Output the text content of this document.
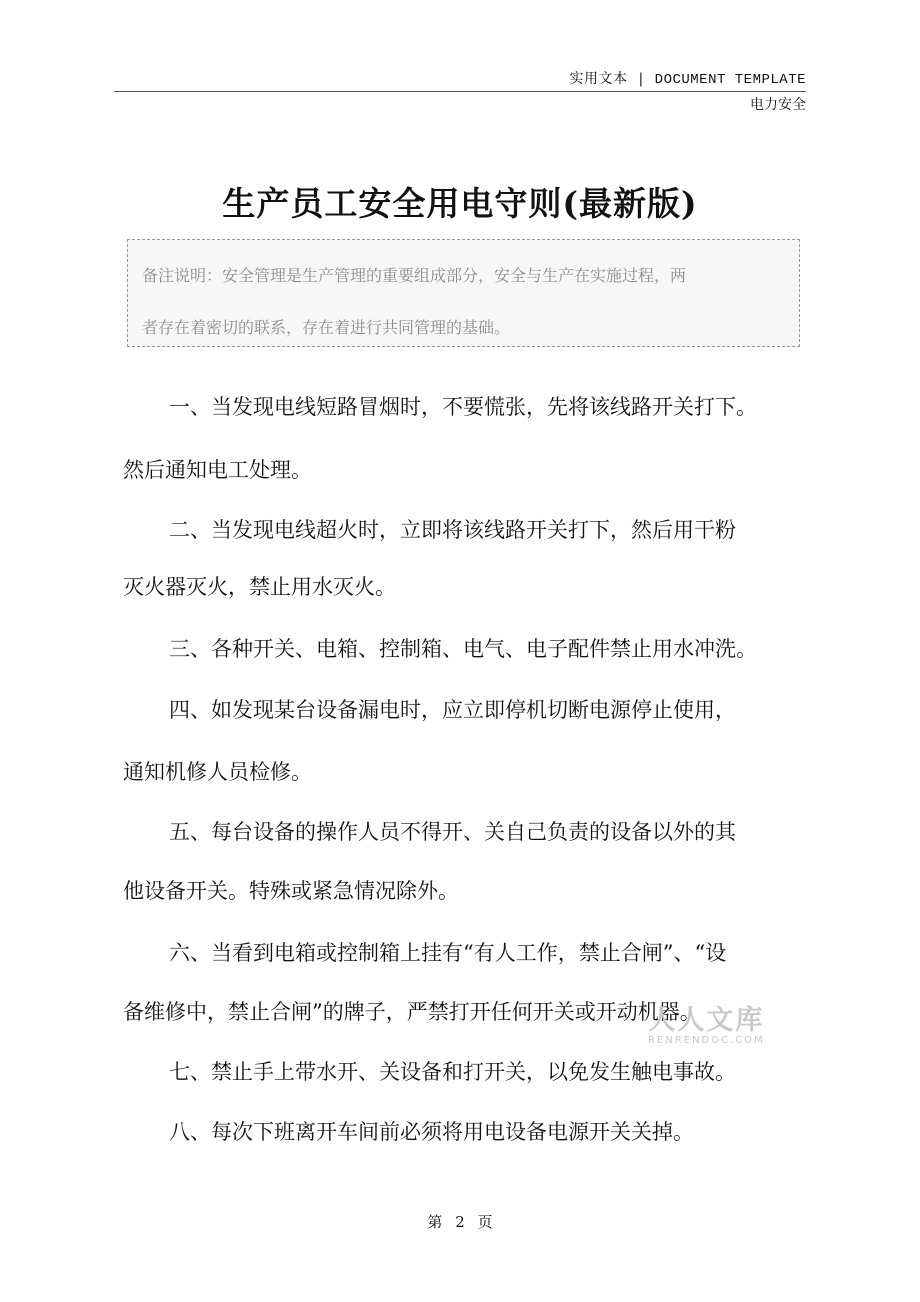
实用文本 | DOCUMENT TEMPLATE
电力安全
生产员工安全用电守则(最新版)
备注说明：安全管理是生产管理的重要组成部分，安全与生产在实施过程，两
者存在着密切的联系，存在着进行共同管理的基础。
一、当发现电线短路冒烟时，不要慌张，先将该线路开关打下。
然后通知电工处理。
二、当发现电线超火时，立即将该线路开关打下，然后用干粉
灭火器灭火，禁止用水灭火。
三、各种开关、电箱、控制箱、电气、电子配件禁止用水冲洗。
四、如发现某台设备漏电时，应立即停机切断电源停止使用，
通知机修人员检修。
五、每台设备的操作人员不得开、关自己负责的设备以外的其
他设备开关。特殊或紧急情况除外。
六、当看到电箱或控制箱上挂有“有人工作，禁止合闸”、“设
备维修中，禁止合闸”的牌子，严禁打开任何开关或开动机器。
七、禁止手上带水开、关设备和打开关，以免发生触电事故。
八、每次下班离开车间前必须将用电设备电源开关关掉。
人人文库
RENRENDOC.COM
第 2 页
